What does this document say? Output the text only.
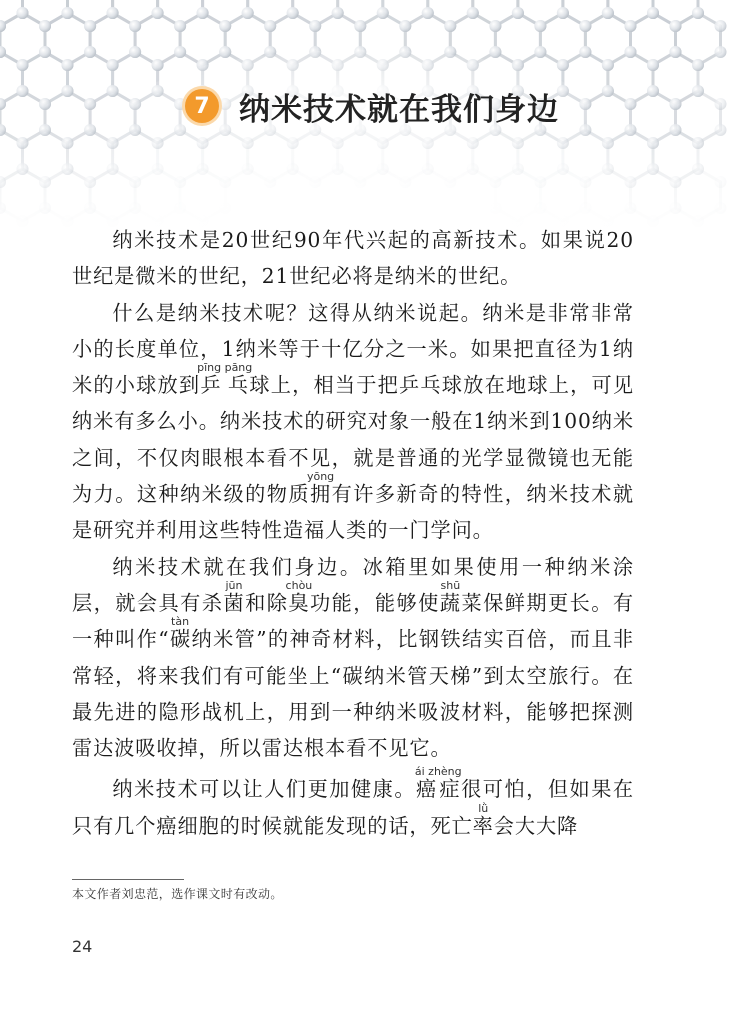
7 纳米技术就在我们身边

纳米技术是20世纪90年代兴起的高新技术。如果说20世纪是微米的世纪，21世纪必将是纳米的世纪。

什么是纳米技术呢？这得从纳米说起。纳米是非常非常小的长度单位，1纳米等于十亿分之一米。如果把直径为1纳米的小球放到乒乓pīng pāng球上，相当于把乒乓球放在地球上，可见纳米有多么小。纳米技术的研究对象一般在1纳米到100纳米之间，不仅肉眼根本看不见，就是普通的光学显微镜也无能为力。这种纳米级的物质拥yōng有许多新奇的特性，纳米技术就是研究并利用这些特性造福人类的一门学问。

纳米技术就在我们身边。冰箱里如果使用一种纳米涂层，就会具有杀菌jūn和除臭chòu功能，能够使蔬shū菜保鲜期更长。有一种叫作“碳tàn纳米管”的神奇材料，比钢铁结实百倍，而且非常轻，将来我们有可能坐上“碳纳米管天梯”到太空旅行。在最先进的隐形战机上，用到一种纳米吸波材料，能够把探测雷达波吸收掉，所以雷达根本看不见它。

纳米技术可以让人们更加健康。癌症ái zhèng很可怕，但如果在只有几个癌细胞的时候就能发现的话，死亡率lǜ会大大降

本文作者刘忠范，选作课文时有改动。
24
